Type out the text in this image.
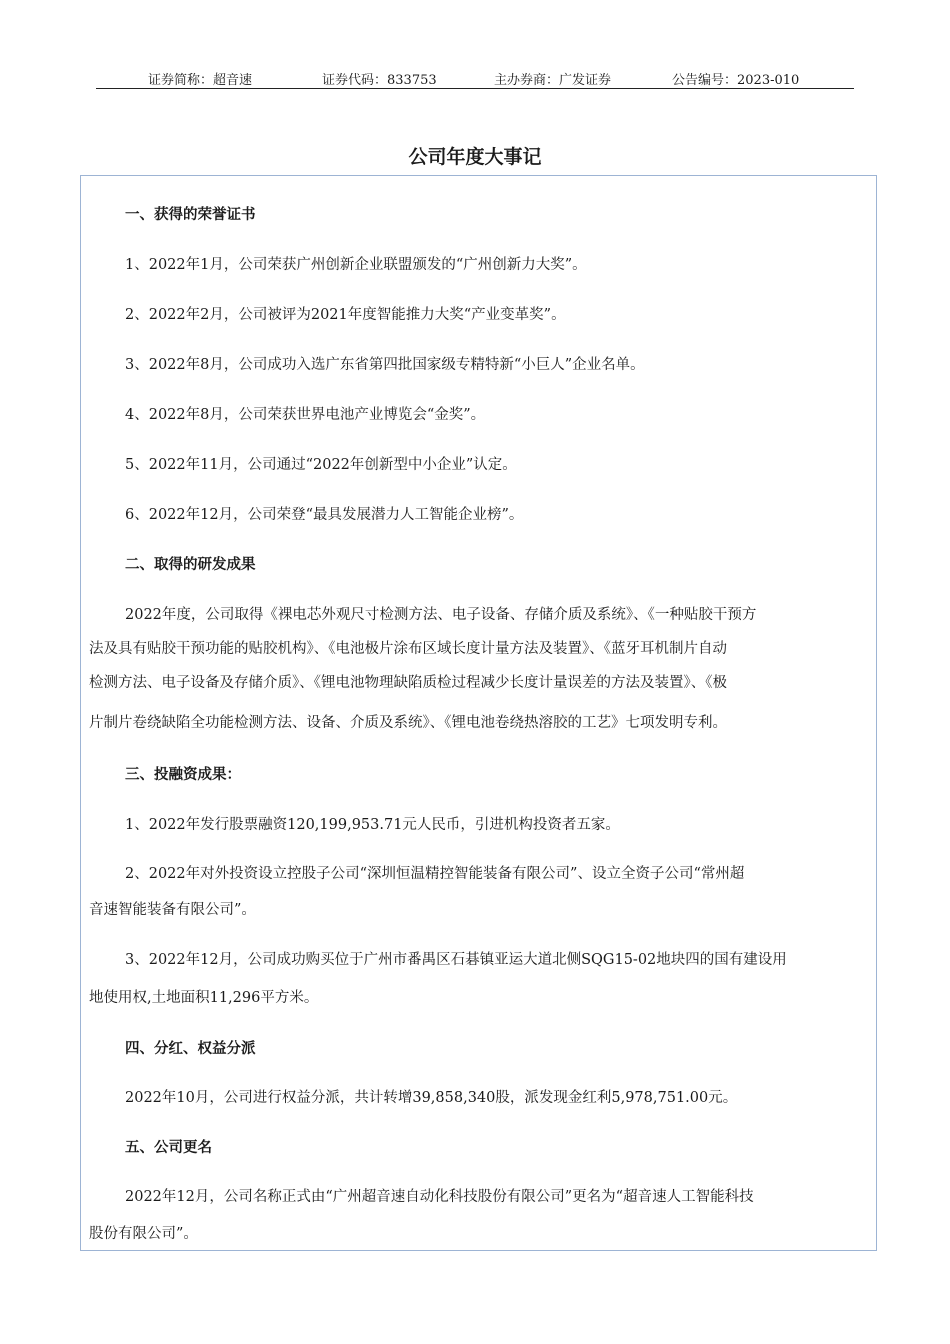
证券简称：超音速	证券代码：833753	主办券商：广发证券	公告编号：2023-010
公司年度大事记
一、获得的荣誉证书
1、2022年1月，公司荣获广州创新企业联盟颁发的“广州创新力大奖”。
2、2022年2月，公司被评为2021年度智能推力大奖“产业变革奖”。
3、2022年8月，公司成功入选广东省第四批国家级专精特新“小巨人”企业名单。
4、2022年8月，公司荣获世界电池产业博览会“金奖”。
5、2022年11月，公司通过“2022年创新型中小企业”认定。
6、2022年12月，公司荣登“最具发展潜力人工智能企业榜”。
二、取得的研发成果
2022年度，公司取得《裸电芯外观尺寸检测方法、电子设备、存储介质及系统》、《一种贴胶干预方
法及具有贴胶干预功能的贴胶机构》、《电池极片涂布区域长度计量方法及装置》、《蓝牙耳机制片自动
检测方法、电子设备及存储介质》、《锂电池物理缺陷质检过程减少长度计量误差的方法及装置》、《极
片制片卷绕缺陷全功能检测方法、设备、介质及系统》、《锂电池卷绕热溶胶的工艺》七项发明专利。
三、投融资成果：
1、2022年发行股票融资120,199,953.71元人民币，引进机构投资者五家。
2、2022年对外投资设立控股子公司“深圳恒温精控智能装备有限公司”、设立全资子公司“常州超
音速智能装备有限公司”。
3、2022年12月，公司成功购买位于广州市番禺区石碁镇亚运大道北侧SQG15-02地块四的国有建设用
地使用权,土地面积11,296平方米。
四、分红、权益分派
2022年10月，公司进行权益分派，共计转增39,858,340股，派发现金红利5,978,751.00元。
五、公司更名
2022年12月，公司名称正式由“广州超音速自动化科技股份有限公司”更名为“超音速人工智能科技
股份有限公司”。
